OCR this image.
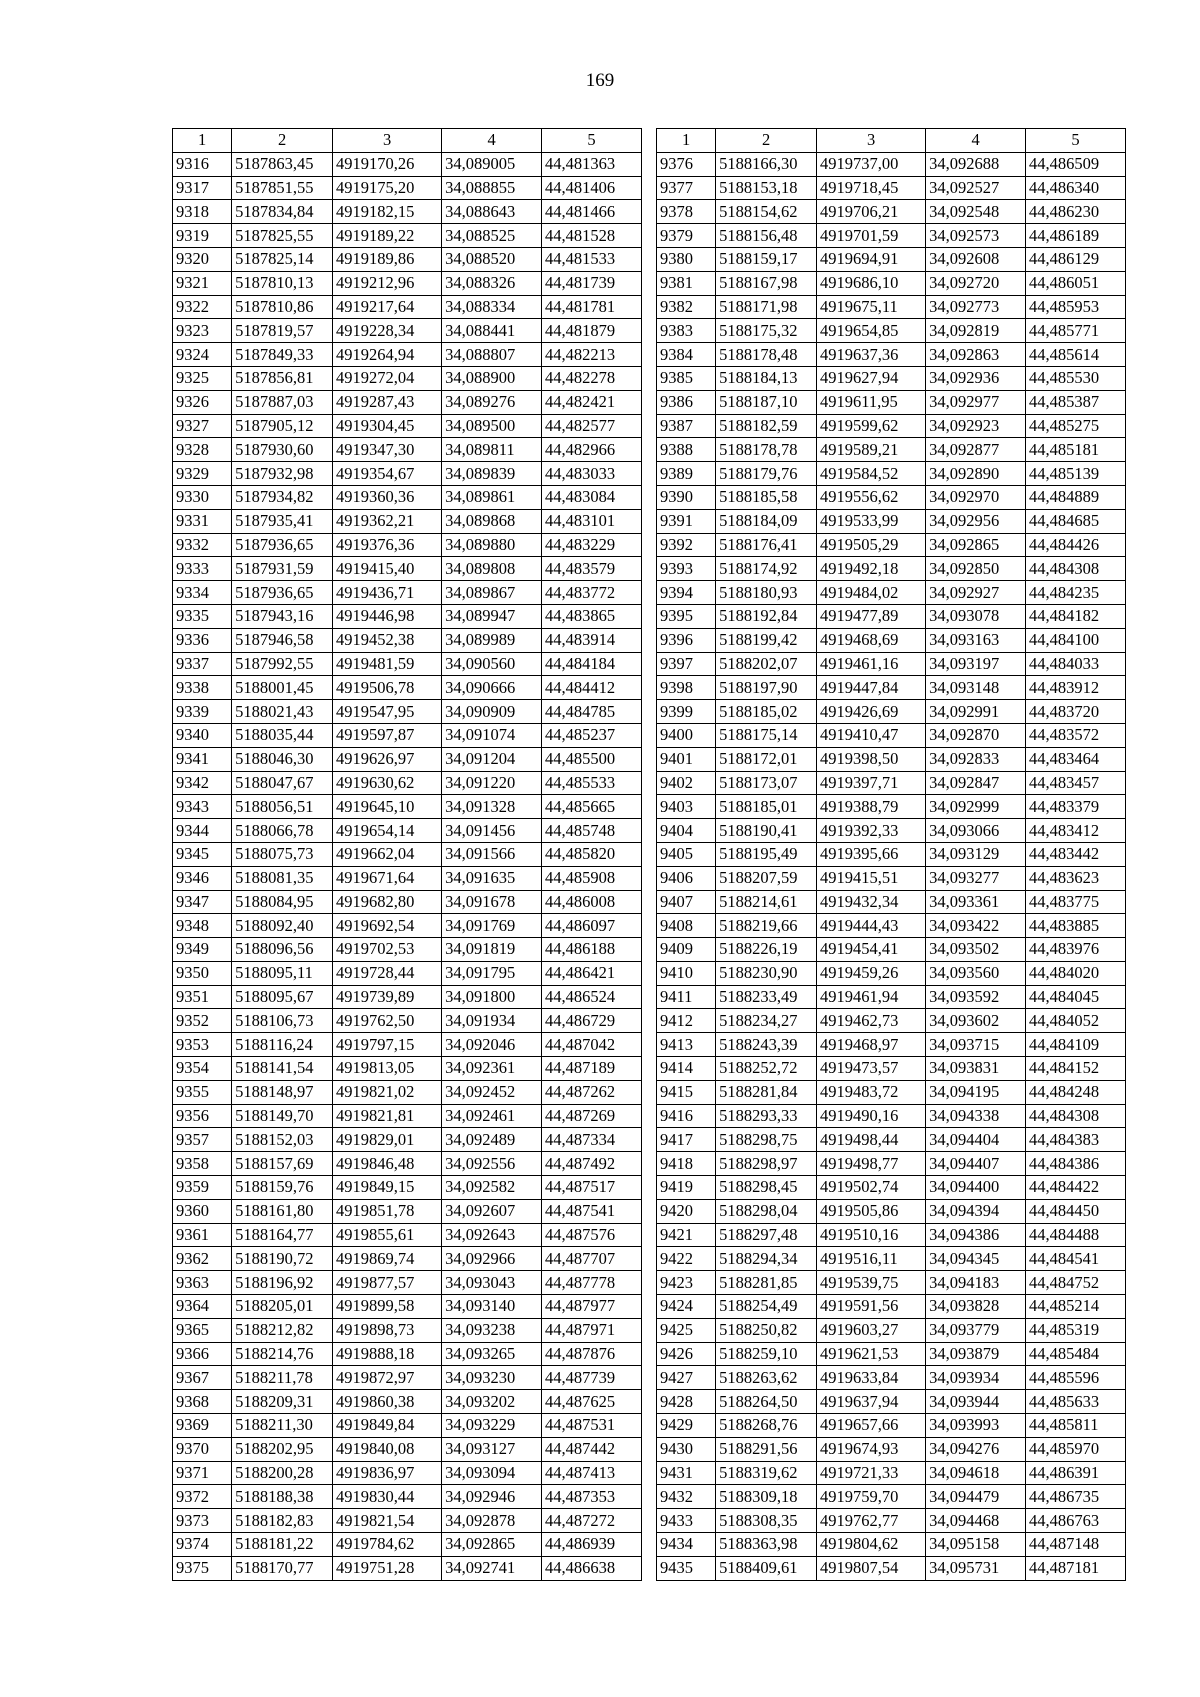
169
1	2	3	4	5
9316	5187863,45	4919170,26	34,089005	44,481363
9317	5187851,55	4919175,20	34,088855	44,481406
9318	5187834,84	4919182,15	34,088643	44,481466
9319	5187825,55	4919189,22	34,088525	44,481528
9320	5187825,14	4919189,86	34,088520	44,481533
9321	5187810,13	4919212,96	34,088326	44,481739
9322	5187810,86	4919217,64	34,088334	44,481781
9323	5187819,57	4919228,34	34,088441	44,481879
9324	5187849,33	4919264,94	34,088807	44,482213
9325	5187856,81	4919272,04	34,088900	44,482278
9326	5187887,03	4919287,43	34,089276	44,482421
9327	5187905,12	4919304,45	34,089500	44,482577
9328	5187930,60	4919347,30	34,089811	44,482966
9329	5187932,98	4919354,67	34,089839	44,483033
9330	5187934,82	4919360,36	34,089861	44,483084
9331	5187935,41	4919362,21	34,089868	44,483101
9332	5187936,65	4919376,36	34,089880	44,483229
9333	5187931,59	4919415,40	34,089808	44,483579
9334	5187936,65	4919436,71	34,089867	44,483772
9335	5187943,16	4919446,98	34,089947	44,483865
9336	5187946,58	4919452,38	34,089989	44,483914
9337	5187992,55	4919481,59	34,090560	44,484184
9338	5188001,45	4919506,78	34,090666	44,484412
9339	5188021,43	4919547,95	34,090909	44,484785
9340	5188035,44	4919597,87	34,091074	44,485237
9341	5188046,30	4919626,97	34,091204	44,485500
9342	5188047,67	4919630,62	34,091220	44,485533
9343	5188056,51	4919645,10	34,091328	44,485665
9344	5188066,78	4919654,14	34,091456	44,485748
9345	5188075,73	4919662,04	34,091566	44,485820
9346	5188081,35	4919671,64	34,091635	44,485908
9347	5188084,95	4919682,80	34,091678	44,486008
9348	5188092,40	4919692,54	34,091769	44,486097
9349	5188096,56	4919702,53	34,091819	44,486188
9350	5188095,11	4919728,44	34,091795	44,486421
9351	5188095,67	4919739,89	34,091800	44,486524
9352	5188106,73	4919762,50	34,091934	44,486729
9353	5188116,24	4919797,15	34,092046	44,487042
9354	5188141,54	4919813,05	34,092361	44,487189
9355	5188148,97	4919821,02	34,092452	44,487262
9356	5188149,70	4919821,81	34,092461	44,487269
9357	5188152,03	4919829,01	34,092489	44,487334
9358	5188157,69	4919846,48	34,092556	44,487492
9359	5188159,76	4919849,15	34,092582	44,487517
9360	5188161,80	4919851,78	34,092607	44,487541
9361	5188164,77	4919855,61	34,092643	44,487576
9362	5188190,72	4919869,74	34,092966	44,487707
9363	5188196,92	4919877,57	34,093043	44,487778
9364	5188205,01	4919899,58	34,093140	44,487977
9365	5188212,82	4919898,73	34,093238	44,487971
9366	5188214,76	4919888,18	34,093265	44,487876
9367	5188211,78	4919872,97	34,093230	44,487739
9368	5188209,31	4919860,38	34,093202	44,487625
9369	5188211,30	4919849,84	34,093229	44,487531
9370	5188202,95	4919840,08	34,093127	44,487442
9371	5188200,28	4919836,97	34,093094	44,487413
9372	5188188,38	4919830,44	34,092946	44,487353
9373	5188182,83	4919821,54	34,092878	44,487272
9374	5188181,22	4919784,62	34,092865	44,486939
9375	5188170,77	4919751,28	34,092741	44,486638
1	2	3	4	5
9376	5188166,30	4919737,00	34,092688	44,486509
9377	5188153,18	4919718,45	34,092527	44,486340
9378	5188154,62	4919706,21	34,092548	44,486230
9379	5188156,48	4919701,59	34,092573	44,486189
9380	5188159,17	4919694,91	34,092608	44,486129
9381	5188167,98	4919686,10	34,092720	44,486051
9382	5188171,98	4919675,11	34,092773	44,485953
9383	5188175,32	4919654,85	34,092819	44,485771
9384	5188178,48	4919637,36	34,092863	44,485614
9385	5188184,13	4919627,94	34,092936	44,485530
9386	5188187,10	4919611,95	34,092977	44,485387
9387	5188182,59	4919599,62	34,092923	44,485275
9388	5188178,78	4919589,21	34,092877	44,485181
9389	5188179,76	4919584,52	34,092890	44,485139
9390	5188185,58	4919556,62	34,092970	44,484889
9391	5188184,09	4919533,99	34,092956	44,484685
9392	5188176,41	4919505,29	34,092865	44,484426
9393	5188174,92	4919492,18	34,092850	44,484308
9394	5188180,93	4919484,02	34,092927	44,484235
9395	5188192,84	4919477,89	34,093078	44,484182
9396	5188199,42	4919468,69	34,093163	44,484100
9397	5188202,07	4919461,16	34,093197	44,484033
9398	5188197,90	4919447,84	34,093148	44,483912
9399	5188185,02	4919426,69	34,092991	44,483720
9400	5188175,14	4919410,47	34,092870	44,483572
9401	5188172,01	4919398,50	34,092833	44,483464
9402	5188173,07	4919397,71	34,092847	44,483457
9403	5188185,01	4919388,79	34,092999	44,483379
9404	5188190,41	4919392,33	34,093066	44,483412
9405	5188195,49	4919395,66	34,093129	44,483442
9406	5188207,59	4919415,51	34,093277	44,483623
9407	5188214,61	4919432,34	34,093361	44,483775
9408	5188219,66	4919444,43	34,093422	44,483885
9409	5188226,19	4919454,41	34,093502	44,483976
9410	5188230,90	4919459,26	34,093560	44,484020
9411	5188233,49	4919461,94	34,093592	44,484045
9412	5188234,27	4919462,73	34,093602	44,484052
9413	5188243,39	4919468,97	34,093715	44,484109
9414	5188252,72	4919473,57	34,093831	44,484152
9415	5188281,84	4919483,72	34,094195	44,484248
9416	5188293,33	4919490,16	34,094338	44,484308
9417	5188298,75	4919498,44	34,094404	44,484383
9418	5188298,97	4919498,77	34,094407	44,484386
9419	5188298,45	4919502,74	34,094400	44,484422
9420	5188298,04	4919505,86	34,094394	44,484450
9421	5188297,48	4919510,16	34,094386	44,484488
9422	5188294,34	4919516,11	34,094345	44,484541
9423	5188281,85	4919539,75	34,094183	44,484752
9424	5188254,49	4919591,56	34,093828	44,485214
9425	5188250,82	4919603,27	34,093779	44,485319
9426	5188259,10	4919621,53	34,093879	44,485484
9427	5188263,62	4919633,84	34,093934	44,485596
9428	5188264,50	4919637,94	34,093944	44,485633
9429	5188268,76	4919657,66	34,093993	44,485811
9430	5188291,56	4919674,93	34,094276	44,485970
9431	5188319,62	4919721,33	34,094618	44,486391
9432	5188309,18	4919759,70	34,094479	44,486735
9433	5188308,35	4919762,77	34,094468	44,486763
9434	5188363,98	4919804,62	34,095158	44,487148
9435	5188409,61	4919807,54	34,095731	44,487181
